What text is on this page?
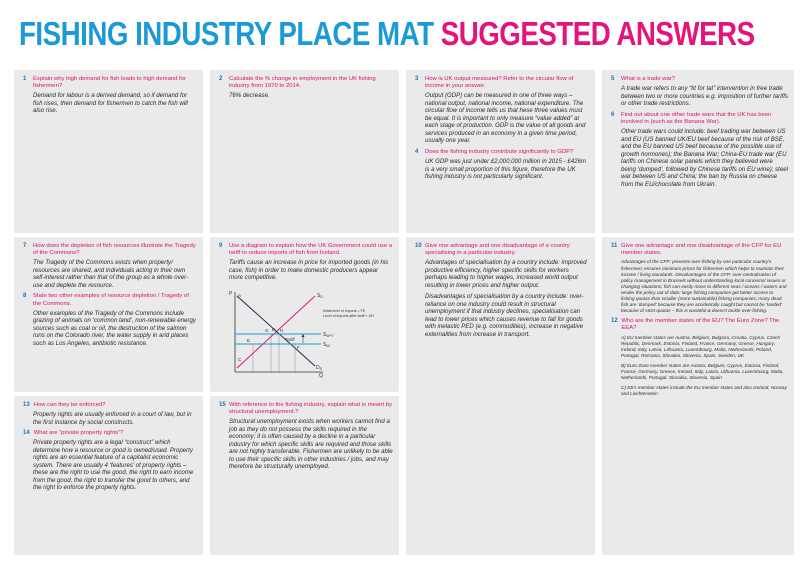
FISHING INDUSTRY PLACE MAT SUGGESTED ANSWERS
1	Explain why high demand for fish leads to high demand for fishermen?
Demand for labour is a derived demand, so if demand for fish rises, then demand for fishermen to catch the fish will also rise.
2	Calculate the % change in employment in the UK fishing industry from 1970 to 2014.
76% decrease.
3	How is UK output measured? Refer to the circular flow of income in your answer.
Output (GDP) can be measured in one of three ways – national output, national income, national expenditure. The circular flow of income tells us that hese three values must be equal. It is important to only measure “value added” at each stage of production. GDP is the value of all goods and services produced in an economy in a given time period, usually one year.
4	Does the fishing industry contribute significantly to GDP?
UK GDP was just under £2,000,000 million in 2015 - £426m is a very small proportion of this figure, therefore the UK fishing industry is not particularly significant.
5	What is a trade war?
A trade war refers to any “tit for tat” intervention in free trade between two or more countries e.g. imposition of further tariffs or other trade restrictions.
6	Find out about one other trade wars that the UK has been involved in (such as the Banana War).
Other trade wars could include: beef trading war between US and EU (US banned UK/EU beef because of the risk of BSE, and the EU banned US beef because of the possible use of growth hormones); the Banana War; China-EU trade war (EU tariffs on Chinese solar panels which they believed were being ‘dumped’, followed by Chinese tariffs on EU wine); steel war between US and China; the ban by Russia on cheese from the EU/chocolate from Ukrain.
7	How does the depletion of fish resources illustrate the Tragedy of the Commons?
The Tragedy of the Commons exists when property/ resources are shared, and individuals acting in their own self-interest rather than that of the group as a whole over-use and deplete the resource.
8	State two other examples of resource depletion / Tragedy of the Commons.
Other examples of the Tragedy of the Commons include grazing of animals on ‘common land’, non-renewable energy sources such as coal or oil, the destruction of the salmon runs on the Colorado river, the water supply in arid places such as Los Angeles, antibiotic resistance.
9	Use a diagram to explain how the UK Government could use a tariff to reduce imports of fish from Iceland.
Tariffs cause an increase in price for imported goods (in his case, fish) in order to make domestic producers appear more competitive.
P
Q
$S_D$
$D_D$
$S_{W+T}$
$S_W$
Tariff
A
B
C
E
F
G	H
Initial level of imports = FE
Level of imports after tariff = GH
10 Give one advantage and one disadvantage of a country specialising in a particular industry.
Advantages of specialisation by a country include: improved productive efficiency, higher specific skills for workers perhaps leading to higher wages, increased world output resulting in lower prices and higher output.
Disadvantages of specialisation by a country include: over-reliance on one industry could result in structural unemployment if that industry declines, specialisation can lead to lower prices which causes revenue to fall for goods with inelastic PED (e.g. commodities), increase in negative externalities from increase in transport.
11 Give one advantage and one disadvantage of the CFP for EU member states.
Advantages of the CFP: prevents over-fishing by one particular country's fishermen; ensures minimum prices for fishermen which helps to maintain their income / living standards. Disadvantages of the CFP: over-centralisation of policy management in Brussels without understanding local concerns/ issues or changing situations; fish can easily move to different seas / oceans / waters and render the policy out of date; large fishing companies get better access to fishing quotas than smaller (more sustainable) fishing companies; many dead fish are ‘dumped’ because they are accidentally caught but cannot be ‘landed’ because of strict quotas – this is wasteful & doesn't tackle over-fishing.
12 Who are the member states of the EU? The Euro Zone? The EEA?
A) EU member states are Austria, Belgium, Bulgaria, Croatia, Cyprus, Czech Republic, Denmark, Estonia, Finland, France, Germany, Greece, Hungary, Ireland, Italy, Latvia, Lithuania, Luxembourg, Malta, Netherlands, Poland, Portugal, Romania, Slovakia, Slovenia, Spain, Sweden, UK
B) Euro Zone member states are Austria, Belgium, Cyprus, Estonia, Finland, France, Germany, Greece, Ireland, Italy, Latvia, Lithuania, Luxembourg, Malta, Netherlands, Portugal, Slovakia, Slovenia, Spain
C) EEA member states include the EU member states and also Iceland, Norway and Liechtenstein
13 How can they be enforced?
Property rights are usually enforced in a court of law, but in the first instance by social constructs.
14 What are “private property rights”?
Private property rights are a legal “construct” which determine how a resource or good is owned/used. Property rights are an essential feature of a capitalist economic system. There are usually 4 ‘features’ of property rights – these are the right to use the good, the right to earn income from the good, the right to transfer the good to others, and the right to enforce the property rights.
15 With reference to the fishing industry, explain what is meant by structural unemployment.?
Structural unemployment exists when workers cannot find a job as they do not possess the skills required in the economy; it is often caused by a decline in a particular industry for which specific skills are required and those skills are not highly transferable. Fishermen are unlikely to be able to use their specific skills in other industries / jobs, and may therefore be structurally unemployed.
